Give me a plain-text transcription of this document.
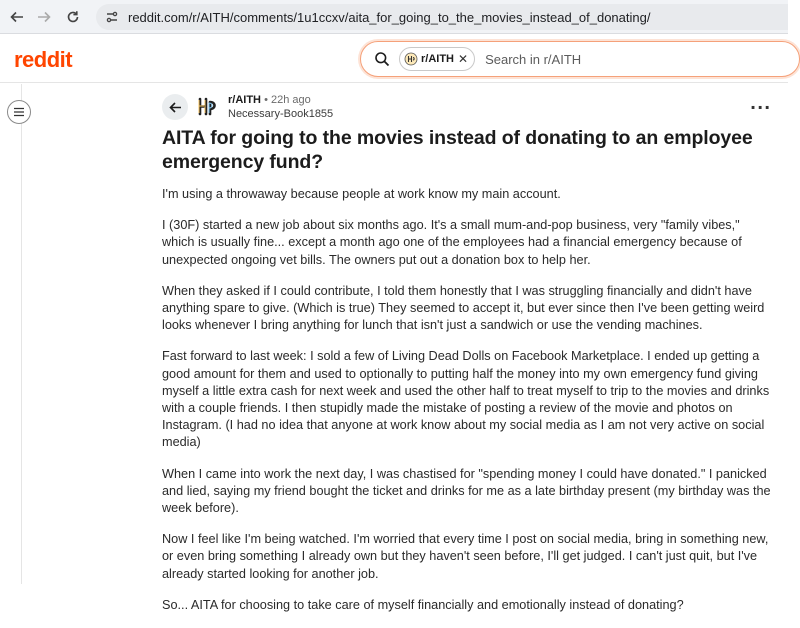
reddit.com/r/AITH/comments/1u1ccxv/aita_for_going_to_the_movies_instead_of_donating/
reddit	r/AITH ✕ Search in r/AITH
r/AITH • 22h ago
Necessary-Book1855	···
AITA for going to the movies instead of donating to an employee emergency fund?

I'm using a throwaway because people at work know my main account.

I (30F) started a new job about six months ago. It's a small mum-and-pop business, very "family vibes," which is usually fine... except a month ago one of the employees had a financial emergency because of unexpected ongoing vet bills. The owners put out a donation box to help her.

When they asked if I could contribute, I told them honestly that I was struggling financially and didn't have anything spare to give. (Which is true) They seemed to accept it, but ever since then I've been getting weird looks whenever I bring anything for lunch that isn't just a sandwich or use the vending machines.

Fast forward to last week: I sold a few of Living Dead Dolls on Facebook Marketplace. I ended up getting a good amount for them and used to optionally to putting half the money into my own emergency fund giving myself a little extra cash for next week and used the other half to treat myself to trip to the movies and drinks with a couple friends. I then stupidly made the mistake of posting a review of the movie and photos on Instagram. (I had no idea that anyone at work know about my social media as I am not very active on social media)

When I came into work the next day, I was chastised for "spending money I could have donated." I panicked and lied, saying my friend bought the ticket and drinks for me as a late birthday present (my birthday was the week before).

Now I feel like I'm being watched. I'm worried that every time I post on social media, bring in something new, or even bring something I already own but they haven't seen before, I'll get judged. I can't just quit, but I've already started looking for another job.

So... AITA for choosing to take care of myself financially and emotionally instead of donating?
